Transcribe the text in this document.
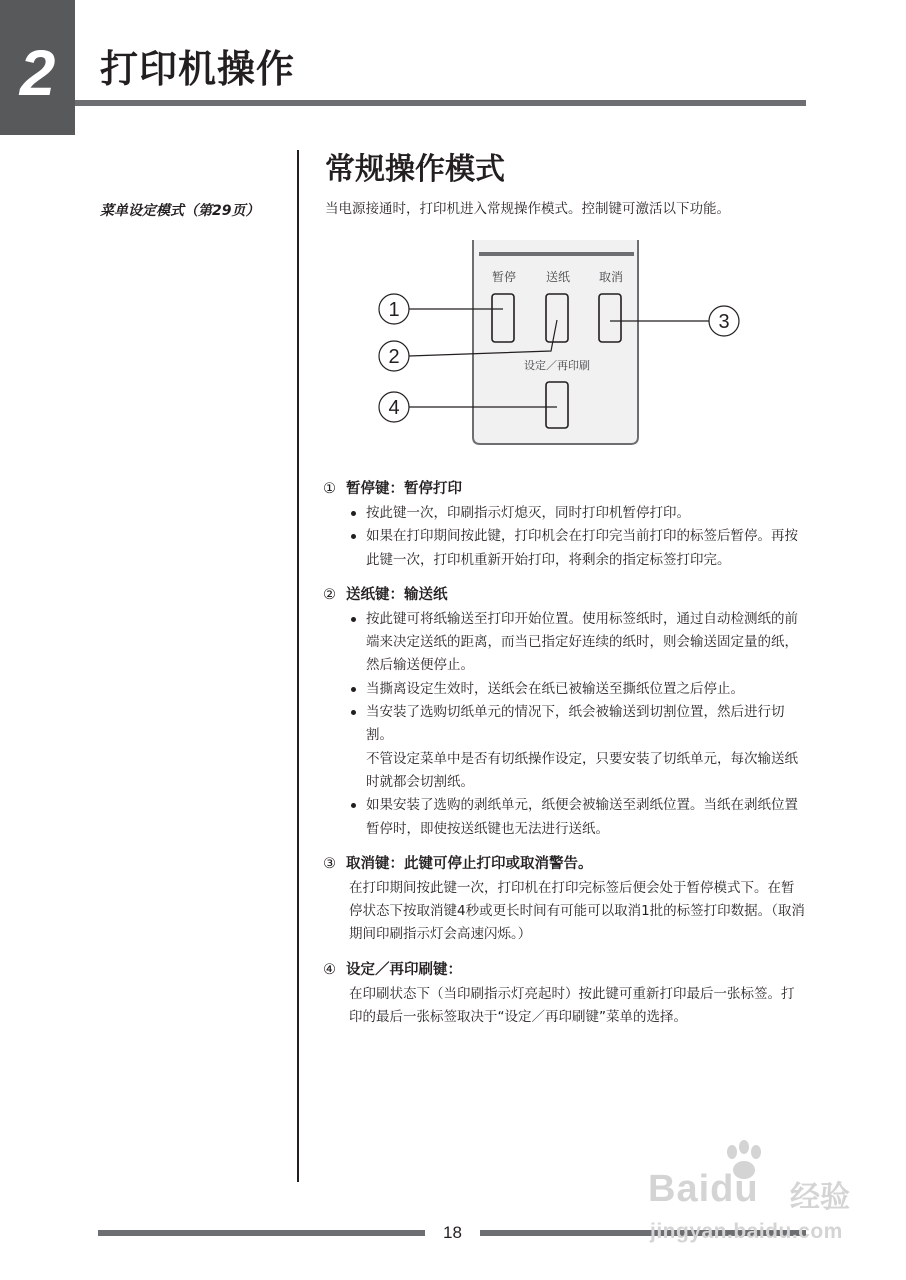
2	打印机操作
菜单设定模式（第29页）
常规操作模式
当电源接通时，打印机进入常规操作模式。控制键可激活以下功能。
暂停 送纸 取消
设定／再印刷
1
2
3
4
① 暂停键：暂停打印
按此键一次，印刷指示灯熄灭，同时打印机暂停打印。
如果在打印期间按此键，打印机会在打印完当前打印的标签后暂停。再按此键一次，打印机重新开始打印，将剩余的指定标签打印完。
② 送纸键：输送纸
按此键可将纸输送至打印开始位置。使用标签纸时，通过自动检测纸的前端来决定送纸的距离，而当已指定好连续的纸时，则会输送固定量的纸，然后输送便停止。
当撕离设定生效时，送纸会在纸已被输送至撕纸位置之后停止。
当安装了选购切纸单元的情况下，纸会被输送到切割位置，然后进行切割。
不管设定菜单中是否有切纸操作设定，只要安装了切纸单元，每次输送纸时就都会切割纸。
如果安装了选购的剥纸单元，纸便会被输送至剥纸位置。当纸在剥纸位置暂停时，即使按送纸键也无法进行送纸。
③ 取消键：此键可停止打印或取消警告。
在打印期间按此键一次，打印机在打印完标签后便会处于暂停模式下。在暂停状态下按取消键4秒或更长时间有可能可以取消1批的标签打印数据。（取消期间印刷指示灯会高速闪烁。）
④ 设定／再印刷键：
在印刷状态下（当印刷指示灯亮起时）按此键可重新打印最后一张标签。打印的最后一张标签取决于“设定／再印刷键”菜单的选择。
18
Baidu 经验
jingyan.baidu.com
